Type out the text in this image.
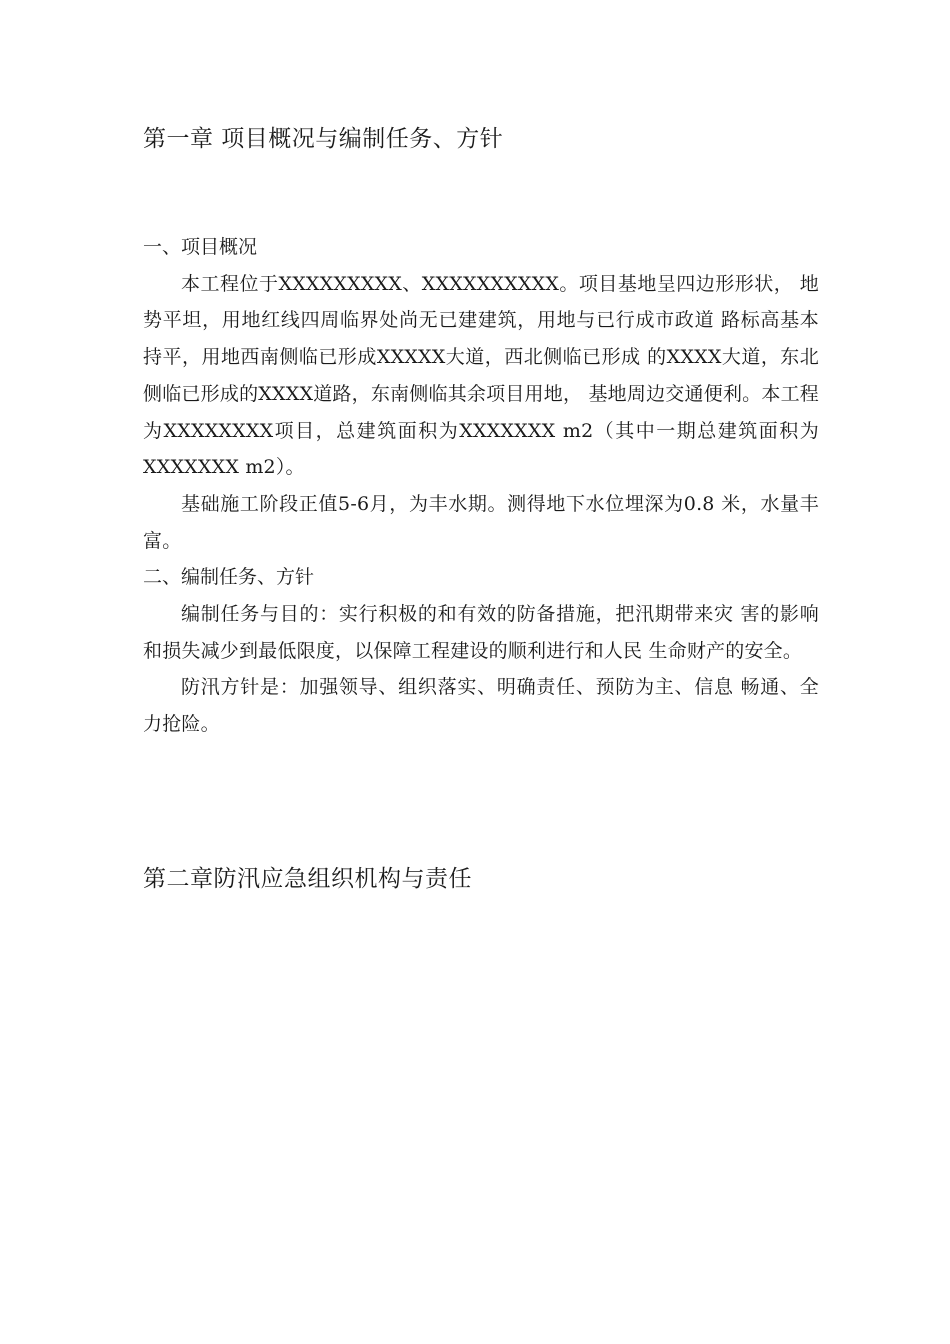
第一章 项目概况与编制任务、方针
一、项目概况

本工程位于XXXXXXXXX、XXXXXXXXXX。项目基地呈四边形形状， 地势平坦，用地红线四周临界处尚无已建建筑，用地与已行成市政道 路标高基本持平，用地西南侧临已形成XXXXX大道，西北侧临已形成 的XXXX大道，东北侧临已形成的XXXX道路，东南侧临其余项目用地， 基地周边交通便利。本工程为XXXXXXXX项目，总建筑面积为XXXXXXX m2（其中一期总建筑面积为XXXXXXX m2）。

基础施工阶段正值5-6月，为丰水期。测得地下水位埋深为0.8 米，水量丰富。

二、编制任务、方针

编制任务与目的：实行积极的和有效的防备措施，把汛期带来灾 害的影响和损失减少到最低限度，以保障工程建设的顺利进行和人民 生命财产的安全。

防汛方针是：加强领导、组织落实、明确责任、预防为主、信息 畅通、全力抢险。

第二章防汛应急组织机构与责任
